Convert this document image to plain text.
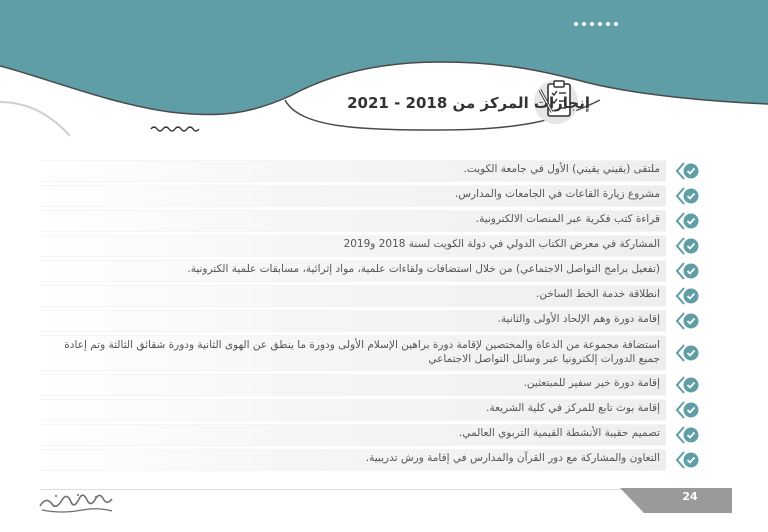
إنجازات المركز من 2018 - 2021
ملتقى (يقيني يقيني) الأول في جامعة الكويت.
مشروع زيارة القاعات في الجامعات والمدارس.
قراءة كتب فكرية عبر المنصات الالكترونية.
المشاركة في معرض الكتاب الدولي في دولة الكويت لسنة 2018 و2019
(تفعيل برامج التواصل الاجتماعي) من خلال استضافات ولقاءات علمية، مواد إثرائية، مسابقات علمية الكترونية.
انطلاقة خدمة الخط الساخن.
إقامة دورة وهم الإلحاد الأولى والثانية.
استضافة مجموعة من الدعاة والمختصين لإقامة دورة براهين الإسلام الأولى ودورة ما ينطق عن الهوى الثانية ودورة شقائق الثالثة وتم إعادة جميع الدورات إلكترونيا عبر وسائل التواصل الاجتماعي
إقامة دورة خير سفير للمبتعثين.
إقامة بوث تابع للمركز في كلية الشريعة.
تصميم حقيبة الأنشطة القيمية التربوي العالمي.
التعاون والمشاركة مع دور القرآن والمدارس في إقامة ورش تدريبية.
24
